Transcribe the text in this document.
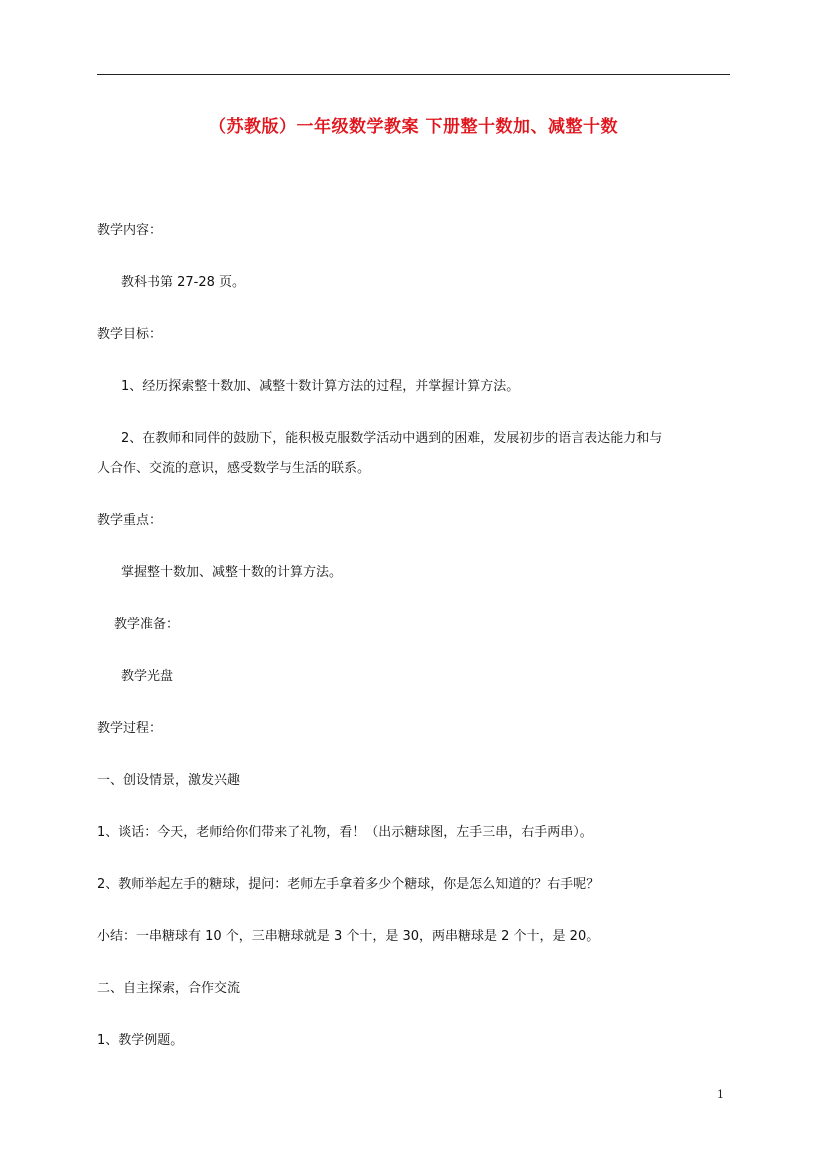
（苏教版）一年级数学教案 下册整十数加、减整十数
教学内容：
教科书第 27-28 页。
教学目标：
1、经历探索整十数加、减整十数计算方法的过程，并掌握计算方法。
2、在教师和同伴的鼓励下，能积极克服数学活动中遇到的困难，发展初步的语言表达能力和与
人合作、交流的意识，感受数学与生活的联系。
教学重点：
掌握整十数加、减整十数的计算方法。
教学准备：
教学光盘
教学过程：
一、创设情景，激发兴趣
1、谈话：今天，老师给你们带来了礼物，看！（出示糖球图，左手三串，右手两串）。
2、教师举起左手的糖球，提问：老师左手拿着多少个糖球，你是怎么知道的？右手呢？
小结：一串糖球有 10 个，三串糖球就是 3 个十，是 30，两串糖球是 2 个十，是 20。
二、自主探索，合作交流
1、教学例题。
1
